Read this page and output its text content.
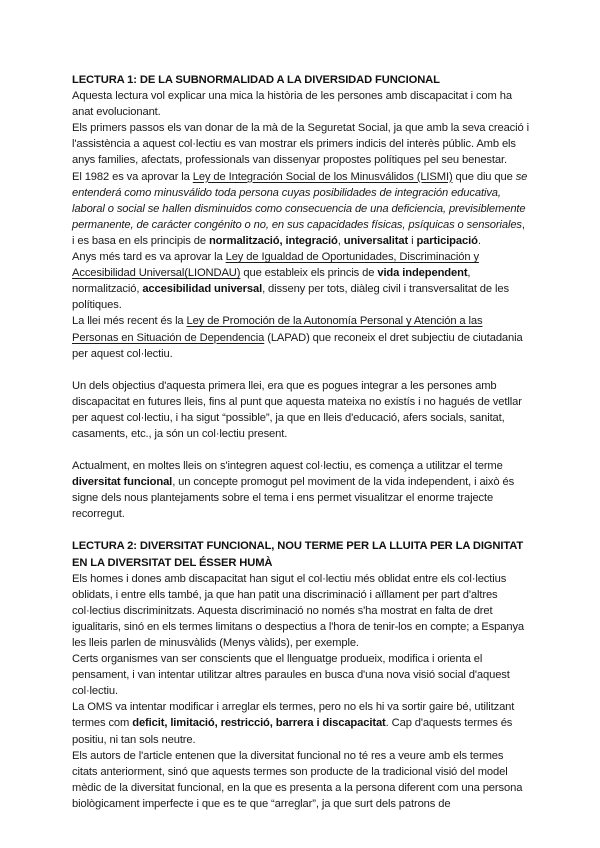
LECTURA 1: DE LA SUBNORMALIDAD A LA DIVERSIDAD FUNCIONAL

Aquesta lectura vol explicar una mica la història de les persones amb discapacitat i com ha anat evolucionant.

Els primers passos els van donar de la mà de la Seguretat Social, ja que amb la seva creació i l'assistència a aquest col·lectiu es van mostrar els primers indicis del interès públic. Amb els anys families, afectats, professionals van dissenyar propostes polítiques pel seu benestar.

El 1982 es va aprovar la Ley de Integración Social de los Minusválidos (LISMI) que diu que se entenderá como minusválido toda persona cuyas posibilidades de integración educativa, laboral o social se hallen disminuidos como consecuencia de una deficiencia, previsiblemente permanente, de carácter congénito o no, en sus capacidades físicas, psíquicas o sensoriales, i es basa en els principis de normalització, integració, universalitat i participació.

Anys més tard es va aprovar la Ley de Igualdad de Oportunidades, Discriminación y Accesibilidad Universal(LIONDAU) que estableix els princis de vida independent, normalització, accesibilidad universal, disseny per tots, diàleg civil i transversalitat de les polítiques.

La llei més recent és la Ley de Promoción de la Autonomía Personal y Atención a las Personas en Situación de Dependencia (LAPAD) que reconeix el dret subjectiu de ciutadania per aquest col·lectiu.

Un dels objectius d'aquesta primera llei, era que es pogues integrar a les persones amb discapacitat en futures lleis, fins al punt que aquesta mateixa no existís i no hagués de vetllar per aquest col·lectiu, i ha sigut “possible”, ja que en lleis d'educació, afers socials, sanitat, casaments, etc., ja són un col·lectiu present.

Actualment, en moltes lleis on s'integren aquest col·lectiu, es comença a utilitzar el terme diversitat funcional, un concepte promogut pel moviment de la vida independent, i això és signe dels nous plantejaments sobre el tema i ens permet visualitzar el enorme trajecte recorregut.

LECTURA 2: DIVERSITAT FUNCIONAL, NOU TERME PER LA LLUITA PER LA DIGNITAT EN LA DIVERSITAT DEL ÉSSER HUMÀ

Els homes i dones amb discapacitat han sigut el col·lectiu més oblidat entre els col·lectius oblidats, i entre ells també, ja que han patit una discriminació i aïllament per part d'altres col·lectius discriminitzats. Aquesta discriminació no només s'ha mostrat en falta de dret igualitaris, sinó en els termes limitans o despectius a l'hora de tenir-los en compte; a Espanya les lleis parlen de minusvàlids (Menys vàlids), per exemple.

Certs organismes van ser conscients que el llenguatge produeix, modifica i orienta el pensament, i van intentar utilitzar altres paraules en busca d'una nova visió social d'aquest col·lectiu.

La OMS va intentar modificar i arreglar els termes, pero no els hi va sortir gaire bé, utilitzant termes com deficit, limitació, restricció, barrera i discapacitat. Cap d'aquests termes és positiu, ni tan sols neutre.

Els autors de l'article entenen que la diversitat funcional no té res a veure amb els termes citats anteriorment, sinó que aquests termes son producte de la tradicional visió del model mèdic de la diversitat funcional, en la que es presenta a la persona diferent com una persona biològicament imperfecte i que es te que “arreglar”, ja que surt dels patrons de
